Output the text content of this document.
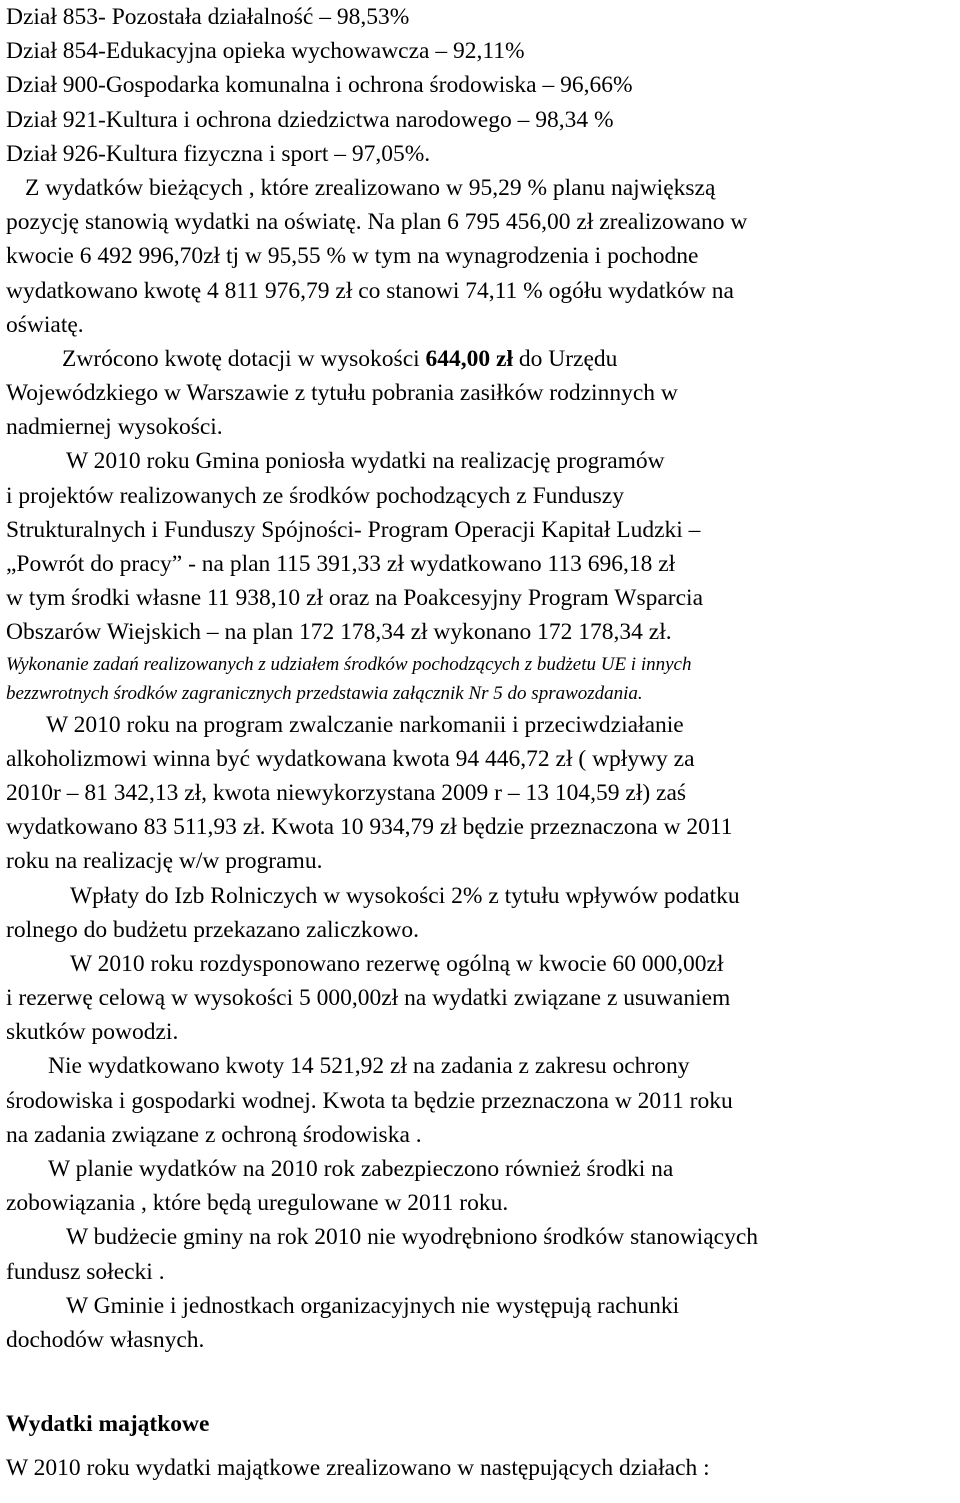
Dział 853- Pozostała działalność – 98,53%
Dział 854-Edukacyjna opieka wychowawcza – 92,11%
Dział 900-Gospodarka komunalna i ochrona środowiska – 96,66%
Dział 921-Kultura i ochrona dziedzictwa narodowego – 98,34 %
Dział 926-Kultura fizyczna i sport – 97,05%.
Z wydatków bieżących , które zrealizowano w 95,29 % planu największą
pozycję stanowią wydatki na oświatę. Na plan 6 795 456,00 zł zrealizowano w
kwocie 6 492 996,70zł tj w 95,55 % w tym na wynagrodzenia i pochodne
wydatkowano kwotę 4 811 976,79 zł co stanowi 74,11 % ogółu wydatków na
oświatę.
Zwrócono kwotę dotacji w wysokości 644,00 zł do Urzędu
Wojewódzkiego w Warszawie z tytułu pobrania zasiłków rodzinnych w
nadmiernej wysokości.
W 2010 roku Gmina poniosła wydatki na realizację programów
i projektów realizowanych ze środków pochodzących z Funduszy
Strukturalnych i Funduszy Spójności- Program Operacji Kapitał Ludzki –
„Powrót do pracy” - na plan 115 391,33 zł wydatkowano 113 696,18 zł
w tym środki własne 11 938,10 zł oraz na Poakcesyjny Program Wsparcia
Obszarów Wiejskich – na plan 172 178,34 zł wykonano 172 178,34 zł.
Wykonanie zadań realizowanych z udziałem środków pochodzących z budżetu UE i innych
bezzwrotnych środków zagranicznych przedstawia załącznik Nr 5 do sprawozdania.
W 2010 roku na program zwalczanie narkomanii i przeciwdziałanie
alkoholizmowi winna być wydatkowana kwota 94 446,72 zł ( wpływy za
2010r – 81 342,13 zł, kwota niewykorzystana 2009 r – 13 104,59 zł) zaś
wydatkowano 83 511,93 zł. Kwota 10 934,79 zł będzie przeznaczona w 2011
roku na realizację w/w programu.
Wpłaty do Izb Rolniczych w wysokości 2% z tytułu wpływów podatku
rolnego do budżetu przekazano zaliczkowo.
W 2010 roku rozdysponowano rezerwę ogólną w kwocie 60 000,00zł
i rezerwę celową w wysokości 5 000,00zł na wydatki związane z usuwaniem
skutków powodzi.
Nie wydatkowano kwoty 14 521,92 zł na zadania z zakresu ochrony
środowiska i gospodarki wodnej. Kwota ta będzie przeznaczona w 2011 roku
na zadania związane z ochroną środowiska .
W planie wydatków na 2010 rok zabezpieczono również środki na
zobowiązania , które będą uregulowane w 2011 roku.
W budżecie gminy na rok 2010 nie wyodrębniono środków stanowiących
fundusz sołecki .
W Gminie i jednostkach organizacyjnych nie występują rachunki
dochodów własnych.
Wydatki majątkowe
W 2010 roku wydatki majątkowe zrealizowano w następujących działach :
